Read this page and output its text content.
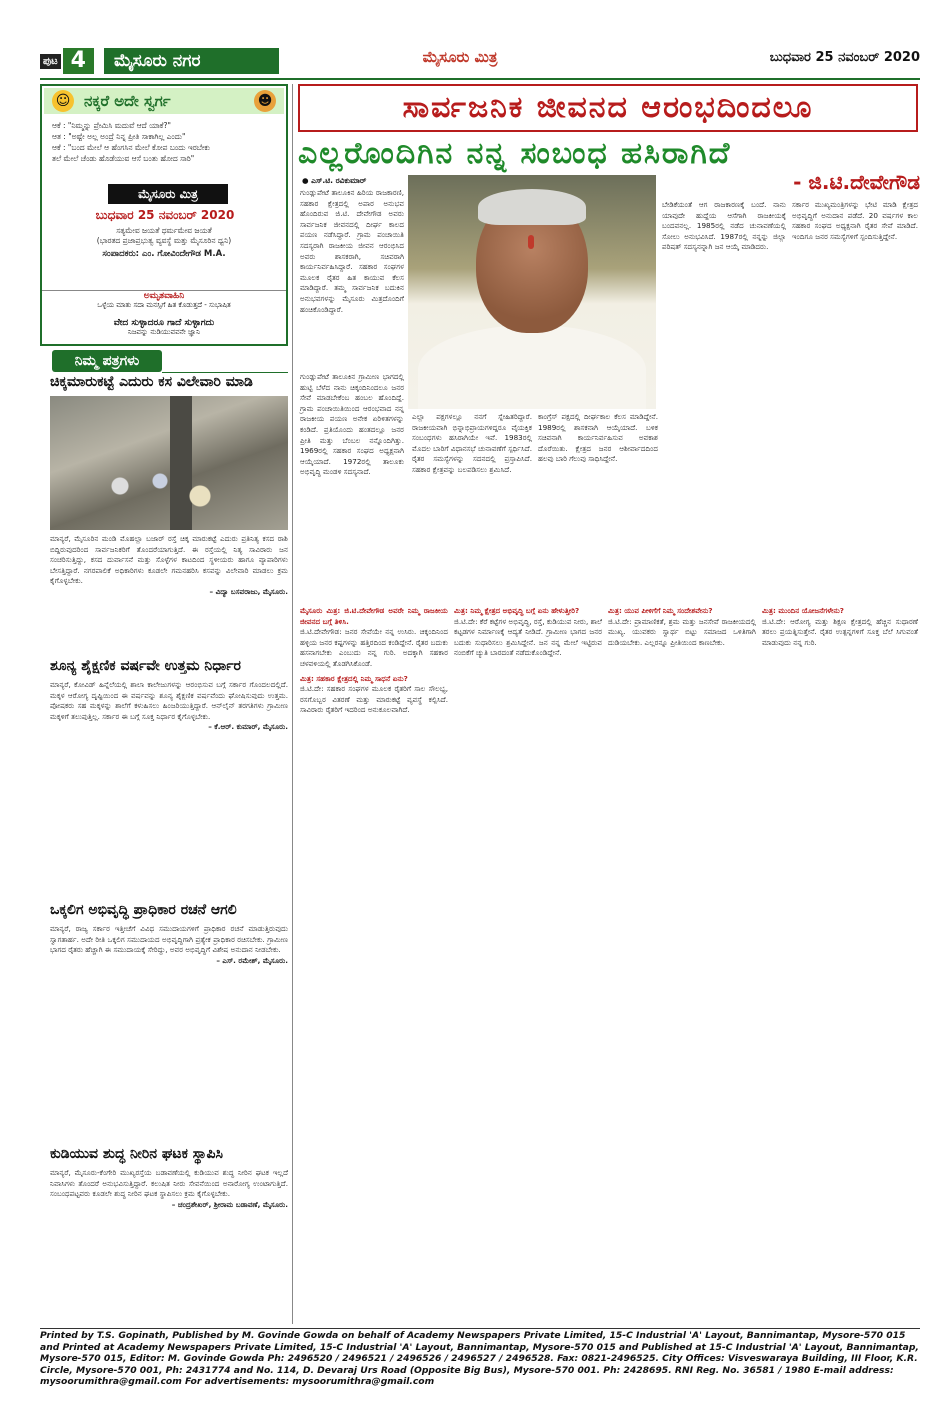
ಪುಟ 4	ಮೈಸೂರು ನಗರ	ಮೈಸೂರು ಮಿತ್ರ	ಬುಧವಾರ 25 ನವಂಬರ್ 2020
☺ ನಕ್ಕರೆ ಅದೇ ಸ್ವರ್ಗ	☻
ಆಕೆ : "ನಿಮ್ಮನ್ನು ಪ್ರೇಮಿಸಿ ಮದುವೆ ಆದೆ ಯಾಕೆ?"
ಆತ : "ಅಷ್ಟೇ ಅಲ್ಲ ಅಂದ್ರೆ ನಿನ್ನ ಪ್ರೀತಿ ಸಾಕಾಗಿಲ್ಲ ಎಂದು"
ಆಕೆ : "ಬಂದ ಮೇಲೆ ಆ ಹೆಂಗಸಿನ ಮೇಲೆ ಕೋಪ ಬಂದು ಇರಬೇಕು
ತಲೆ ಮೇಲೆ ಚೆಂಡು ಹೊಡೆಯುವ ಆಸೆ ಬಂತು ಹೋದ ಸಾರಿ"
ಮೈಸೂರು ಮಿತ್ರ
ಬುಧವಾರ 25 ನವಂಬರ್ 2020
ಸತ್ಯಮೇವ ಜಯತೆ ಧರ್ಮಮೇವ ಜಯತೆ
(ಭಾರತದ ಪ್ರಜಾಪ್ರಭುತ್ವ ವ್ಯವಸ್ಥೆ ಮತ್ತು ಮೈಸೂರಿನ ಧ್ವನಿ)
ಸಂಪಾದಕರು: ಎಂ. ಗೋವಿಂದೇಗೌಡ M.A.
ಅಮೃತವಾಹಿನಿ
ಒಳ್ಳೆಯ ಮಾತು ಸದಾ ಮನಸ್ಸಿಗೆ ಹಿತ ಕೊಡುತ್ತದೆ - ಸುಭಾಷಿತ
ವೇದ ಸುಳ್ಳಾದರೂ ಗಾದೆ ಸುಳ್ಳಾಗದು
ನಿಜವನ್ನು ನುಡಿಯುವವನೇ ಜ್ಞಾನಿ
ನಿಮ್ಮ ಪತ್ರಗಳು
ಚಿಕ್ಕಮಾರುಕಟ್ಟೆ ಎದುರು ಕಸ ವಿಲೇವಾರಿ ಮಾಡಿ
ಮಾನ್ಯರೆ, ಮೈಸೂರಿನ ಮಂಡಿ ಮೊಹಲ್ಲಾ ಬಜಾರ್ ರಸ್ತೆ ಚಿಕ್ಕ ಮಾರುಕಟ್ಟೆ ಎದುರು ಪ್ರತಿನಿತ್ಯ ಕಸದ ರಾಶಿ ಬಿದ್ದಿರುವುದರಿಂದ ಸಾರ್ವಜನಿಕರಿಗೆ ತೊಂದರೆಯಾಗುತ್ತಿದೆ. ಈ ರಸ್ತೆಯಲ್ಲಿ ನಿತ್ಯ ಸಾವಿರಾರು ಜನ ಸಂಚರಿಸುತ್ತಿದ್ದು, ಕಸದ ದುರ್ವಾಸನೆ ಮತ್ತು ಸೊಳ್ಳೆಗಳ ಕಾಟದಿಂದ ಸ್ಥಳೀಯರು ಹಾಗೂ ವ್ಯಾಪಾರಿಗಳು ಬೇಸತ್ತಿದ್ದಾರೆ. ನಗರಪಾಲಿಕೆ ಅಧಿಕಾರಿಗಳು ಕೂಡಲೇ ಗಮನಹರಿಸಿ ಕಸವನ್ನು ವಿಲೇವಾರಿ ಮಾಡಲು ಕ್ರಮ ಕೈಗೊಳ್ಳಬೇಕು.
– ವಿದ್ಯಾ ಬಸವರಾಜು, ಮೈಸೂರು.
ಶೂನ್ಯ ಶೈಕ್ಷಣಿಕ ವರ್ಷವೇ ಉತ್ತಮ ನಿರ್ಧಾರ
ಮಾನ್ಯರೆ, ಕೋವಿಡ್ ಹಿನ್ನೆಲೆಯಲ್ಲಿ ಶಾಲಾ ಕಾಲೇಜುಗಳನ್ನು ಆರಂಭಿಸುವ ಬಗ್ಗೆ ಸರ್ಕಾರ ಗೊಂದಲದಲ್ಲಿದೆ. ಮಕ್ಕಳ ಆರೋಗ್ಯ ದೃಷ್ಟಿಯಿಂದ ಈ ವರ್ಷವನ್ನು ಶೂನ್ಯ ಶೈಕ್ಷಣಿಕ ವರ್ಷವೆಂದು ಘೋಷಿಸುವುದು ಉತ್ತಮ. ಪೋಷಕರು ಸಹ ಮಕ್ಕಳನ್ನು ಶಾಲೆಗೆ ಕಳುಹಿಸಲು ಹಿಂಜರಿಯುತ್ತಿದ್ದಾರೆ. ಆನ್‌ಲೈನ್ ತರಗತಿಗಳು ಗ್ರಾಮೀಣ ಮಕ್ಕಳಿಗೆ ತಲುಪುತ್ತಿಲ್ಲ. ಸರ್ಕಾರ ಈ ಬಗ್ಗೆ ಸೂಕ್ತ ನಿರ್ಧಾರ ಕೈಗೊಳ್ಳಬೇಕು.
– ಕೆ.ಆರ್. ಕುಮಾರ್, ಮೈಸೂರು.
ಒಕ್ಕಲಿಗ ಅಭಿವೃದ್ಧಿ ಪ್ರಾಧಿಕಾರ ರಚನೆ ಆಗಲಿ
ಮಾನ್ಯರೆ, ರಾಜ್ಯ ಸರ್ಕಾರ ಇತ್ತೀಚೆಗೆ ವಿವಿಧ ಸಮುದಾಯಗಳಿಗೆ ಪ್ರಾಧಿಕಾರ ರಚನೆ ಮಾಡುತ್ತಿರುವುದು ಸ್ವಾಗತಾರ್ಹ. ಅದೇ ರೀತಿ ಒಕ್ಕಲಿಗ ಸಮುದಾಯದ ಅಭಿವೃದ್ಧಿಗಾಗಿ ಪ್ರತ್ಯೇಕ ಪ್ರಾಧಿಕಾರ ರಚಿಸಬೇಕು. ಗ್ರಾಮೀಣ ಭಾಗದ ರೈತರು ಹೆಚ್ಚಾಗಿ ಈ ಸಮುದಾಯಕ್ಕೆ ಸೇರಿದ್ದು, ಅವರ ಅಭಿವೃದ್ಧಿಗೆ ವಿಶೇಷ ಅನುದಾನ ನೀಡಬೇಕು.
– ಎಸ್. ರಮೇಶ್, ಮೈಸೂರು.
ಕುಡಿಯುವ ಶುದ್ಧ ನೀರಿನ ಘಟಕ ಸ್ಥಾಪಿಸಿ
ಮಾನ್ಯರೆ, ಮೈಸೂರು-ಕೆಂಗೇರಿ ಮುಖ್ಯರಸ್ತೆಯ ಬಡಾವಣೆಯಲ್ಲಿ ಕುಡಿಯುವ ಶುದ್ಧ ನೀರಿನ ಘಟಕ ಇಲ್ಲದೆ ನಿವಾಸಿಗಳು ತೊಂದರೆ ಅನುಭವಿಸುತ್ತಿದ್ದಾರೆ. ಕಲುಷಿತ ನೀರು ಸೇವನೆಯಿಂದ ಅನಾರೋಗ್ಯ ಉಂಟಾಗುತ್ತಿದೆ. ಸಂಬಂಧಪಟ್ಟವರು ಕೂಡಲೇ ಶುದ್ಧ ನೀರಿನ ಘಟಕ ಸ್ಥಾಪಿಸಲು ಕ್ರಮ ಕೈಗೊಳ್ಳಬೇಕು.
– ಚಂದ್ರಶೇಖರ್, ಶ್ರೀರಾಮ ಬಡಾವಣೆ, ಮೈಸೂರು.
ಸಾರ್ವಜನಿಕ ಜೀವನದ ಆರಂಭದಿಂದಲೂ
ಎಲ್ಲರೊಂದಿಗಿನ ನನ್ನ ಸಂಬಂಧ ಹಸಿರಾಗಿದೆ
- ಜಿ.ಟಿ.ದೇವೇಗೌಡ
● ಎಸ್.ಟಿ. ರವಿಕುಮಾರ್
ಗುಂಡ್ಲುಪೇಟೆ ತಾಲೂಕಿನ ಹಿರಿಯ ರಾಜಕಾರಣಿ, ಸಹಕಾರ ಕ್ಷೇತ್ರದಲ್ಲಿ ಅಪಾರ ಅನುಭವ ಹೊಂದಿರುವ ಜಿ.ಟಿ. ದೇವೇಗೌಡ ಅವರು ಸಾರ್ವಜನಿಕ ಜೀವನದಲ್ಲಿ ದೀರ್ಘ ಕಾಲದ ಪಯಣ ನಡೆಸಿದ್ದಾರೆ. ಗ್ರಾಮ ಪಂಚಾಯಿತಿ ಸದಸ್ಯರಾಗಿ ರಾಜಕೀಯ ಜೀವನ ಆರಂಭಿಸಿದ ಅವರು ಶಾಸಕರಾಗಿ, ಸಚಿವರಾಗಿ ಕಾರ್ಯನಿರ್ವಹಿಸಿದ್ದಾರೆ. ಸಹಕಾರ ಸಂಘಗಳ ಮೂಲಕ ರೈತರ ಹಿತ ಕಾಯುವ ಕೆಲಸ ಮಾಡಿದ್ದಾರೆ. ತಮ್ಮ ಸಾರ್ವಜನಿಕ ಬದುಕಿನ ಅನುಭವಗಳನ್ನು ಮೈಸೂರು ಮಿತ್ರದೊಂದಿಗೆ ಹಂಚಿಕೊಂಡಿದ್ದಾರೆ.
ಗುಂಡ್ಲುಪೇಟೆ ತಾಲೂಕಿನ ಗ್ರಾಮೀಣ ಭಾಗದಲ್ಲಿ ಹುಟ್ಟಿ ಬೆಳೆದ ನಾನು ಚಿಕ್ಕಂದಿನಿಂದಲೂ ಜನರ ಸೇವೆ ಮಾಡಬೇಕೆಂಬ ಹಂಬಲ ಹೊಂದಿದ್ದೆ. ಗ್ರಾಮ ಪಂಚಾಯಿತಿಯಿಂದ ಆರಂಭವಾದ ನನ್ನ ರಾಜಕೀಯ ಪಯಣ ಅನೇಕ ಏರಿಳಿತಗಳನ್ನು ಕಂಡಿದೆ. ಪ್ರತಿಯೊಂದು ಹಂತದಲ್ಲೂ ಜನರ ಪ್ರೀತಿ ಮತ್ತು ಬೆಂಬಲ ನನ್ನೊಂದಿಗಿತ್ತು. 1969ರಲ್ಲಿ ಸಹಕಾರ ಸಂಘದ ಅಧ್ಯಕ್ಷನಾಗಿ ಆಯ್ಕೆಯಾದೆ. 1972ರಲ್ಲಿ ತಾಲೂಕು ಅಭಿವೃದ್ಧಿ ಮಂಡಳಿ ಸದಸ್ಯನಾದೆ.
ಎಲ್ಲಾ ಪಕ್ಷಗಳಲ್ಲೂ ನನಗೆ ಸ್ನೇಹಿತರಿದ್ದಾರೆ. ರಾಜಕೀಯವಾಗಿ ಭಿನ್ನಾಭಿಪ್ರಾಯಗಳಿದ್ದರೂ ವೈಯಕ್ತಿಕ ಸಂಬಂಧಗಳು ಹಸಿರಾಗಿಯೇ ಇವೆ. 1983ರಲ್ಲಿ ಮೊದಲ ಬಾರಿಗೆ ವಿಧಾನಸಭೆ ಚುನಾವಣೆಗೆ ಸ್ಪರ್ಧಿಸಿದೆ. ರೈತರ ಸಮಸ್ಯೆಗಳನ್ನು ಸದನದಲ್ಲಿ ಪ್ರಸ್ತಾಪಿಸಿದೆ. ಸಹಕಾರ ಕ್ಷೇತ್ರವನ್ನು ಬಲಪಡಿಸಲು ಶ್ರಮಿಸಿದೆ.
ಕಾಂಗ್ರೆಸ್ ಪಕ್ಷದಲ್ಲಿ ದೀರ್ಘಕಾಲ ಕೆಲಸ ಮಾಡಿದ್ದೇನೆ. 1989ರಲ್ಲಿ ಶಾಸಕನಾಗಿ ಆಯ್ಕೆಯಾದೆ. ಬಳಿಕ ಸಚಿವನಾಗಿ ಕಾರ್ಯನಿರ್ವಹಿಸುವ ಅವಕಾಶ ದೊರೆಯಿತು. ಕ್ಷೇತ್ರದ ಜನರ ಆಶೀರ್ವಾದದಿಂದ ಹಲವು ಬಾರಿ ಗೆಲುವು ಸಾಧಿಸಿದ್ದೇನೆ.
ಬೇಡಿಕೆಯಂತೆ ಆಗ ರಾಜಕಾರಣಕ್ಕೆ ಬಂದೆ. ನಾನು ಯಾವುದೇ ಹುದ್ದೆಯ ಆಸೆಗಾಗಿ ರಾಜಕೀಯಕ್ಕೆ ಬಂದವನಲ್ಲ. 1985ರಲ್ಲಿ ನಡೆದ ಚುನಾವಣೆಯಲ್ಲಿ ಸೋಲು ಅನುಭವಿಸಿದೆ. 1987ರಲ್ಲಿ ನನ್ನನ್ನು ಜಿಲ್ಲಾ ಪರಿಷತ್ ಸದಸ್ಯನನ್ನಾಗಿ ಜನ ಆಯ್ಕೆ ಮಾಡಿದರು.
ಸರ್ಕಾರ ಮುಖ್ಯಮಂತ್ರಿಗಳನ್ನು ಭೇಟಿ ಮಾಡಿ ಕ್ಷೇತ್ರದ ಅಭಿವೃದ್ಧಿಗೆ ಅನುದಾನ ಪಡೆದೆ. 20 ವರ್ಷಗಳ ಕಾಲ ಸಹಕಾರ ಸಂಘದ ಅಧ್ಯಕ್ಷನಾಗಿ ರೈತರ ಸೇವೆ ಮಾಡಿದೆ. ಇಂದಿಗೂ ಜನರ ಸಮಸ್ಯೆಗಳಿಗೆ ಸ್ಪಂದಿಸುತ್ತಿದ್ದೇನೆ.
ಮೈಸೂರು ಮಿತ್ರ: ಜಿ.ಟಿ.ದೇವೇಗೌಡ ಅವರೇ ನಿಮ್ಮ ರಾಜಕೀಯ ಜೀವನದ ಬಗ್ಗೆ ತಿಳಿಸಿ.
ಜಿ.ಟಿ.ದೇವೇಗೌಡ: ಜನರ ಸೇವೆಯೇ ನನ್ನ ಉಸಿರು. ಚಿಕ್ಕಂದಿನಿಂದ ಹಳ್ಳಿಯ ಜನರ ಕಷ್ಟಗಳನ್ನು ಹತ್ತಿರದಿಂದ ಕಂಡಿದ್ದೇನೆ. ರೈತರ ಬದುಕು ಹಸನಾಗಬೇಕು ಎಂಬುದು ನನ್ನ ಗುರಿ. ಅದಕ್ಕಾಗಿ ಸಹಕಾರ ಚಳವಳಿಯಲ್ಲಿ ತೊಡಗಿಸಿಕೊಂಡೆ.
ಮಿತ್ರ: ಸಹಕಾರ ಕ್ಷೇತ್ರದಲ್ಲಿ ನಿಮ್ಮ ಸಾಧನೆ ಏನು?
ಜಿ.ಟಿ.ದೇ: ಸಹಕಾರ ಸಂಘಗಳ ಮೂಲಕ ರೈತರಿಗೆ ಸಾಲ ಸೌಲಭ್ಯ, ರಸಗೊಬ್ಬರ ವಿತರಣೆ ಮತ್ತು ಮಾರುಕಟ್ಟೆ ವ್ಯವಸ್ಥೆ ಕಲ್ಪಿಸಿದೆ. ಸಾವಿರಾರು ರೈತರಿಗೆ ಇದರಿಂದ ಅನುಕೂಲವಾಗಿದೆ.
ಮಿತ್ರ: ನಿಮ್ಮ ಕ್ಷೇತ್ರದ ಅಭಿವೃದ್ಧಿ ಬಗ್ಗೆ ಏನು ಹೇಳುತ್ತೀರಿ?
ಜಿ.ಟಿ.ದೇ: ಕೆರೆ ಕಟ್ಟೆಗಳ ಅಭಿವೃದ್ಧಿ, ರಸ್ತೆ, ಕುಡಿಯುವ ನೀರು, ಶಾಲೆ ಕಟ್ಟಡಗಳ ನಿರ್ಮಾಣಕ್ಕೆ ಆದ್ಯತೆ ನೀಡಿದೆ. ಗ್ರಾಮೀಣ ಭಾಗದ ಜನರ ಬದುಕು ಸುಧಾರಿಸಲು ಶ್ರಮಿಸಿದ್ದೇನೆ. ಜನ ನನ್ನ ಮೇಲೆ ಇಟ್ಟಿರುವ ನಂಬಿಕೆಗೆ ಚ್ಯುತಿ ಬಾರದಂತೆ ನಡೆದುಕೊಂಡಿದ್ದೇನೆ.
ಮಿತ್ರ: ಯುವ ಪೀಳಿಗೆಗೆ ನಿಮ್ಮ ಸಂದೇಶವೇನು?
ಜಿ.ಟಿ.ದೇ: ಪ್ರಾಮಾಣಿಕತೆ, ಶ್ರಮ ಮತ್ತು ಜನಸೇವೆ ರಾಜಕೀಯದಲ್ಲಿ ಮುಖ್ಯ. ಯುವಕರು ಸ್ವಾರ್ಥ ಬಿಟ್ಟು ಸಮಾಜದ ಒಳಿತಿಗಾಗಿ ದುಡಿಯಬೇಕು. ಎಲ್ಲರನ್ನೂ ಪ್ರೀತಿಯಿಂದ ಕಾಣಬೇಕು.
ಮಿತ್ರ: ಮುಂದಿನ ಯೋಜನೆಗಳೇನು?
ಜಿ.ಟಿ.ದೇ: ಆರೋಗ್ಯ ಮತ್ತು ಶಿಕ್ಷಣ ಕ್ಷೇತ್ರದಲ್ಲಿ ಹೆಚ್ಚಿನ ಸುಧಾರಣೆ ತರಲು ಪ್ರಯತ್ನಿಸುತ್ತೇನೆ. ರೈತರ ಉತ್ಪನ್ನಗಳಿಗೆ ಸೂಕ್ತ ಬೆಲೆ ಸಿಗುವಂತೆ ಮಾಡುವುದು ನನ್ನ ಗುರಿ.
Printed by T.S. Gopinath, Published by M. Govinde Gowda on behalf of Academy Newspapers Private Limited, 15-C Industrial 'A' Layout, Bannimantap, Mysore-570 015 and Printed at Academy Newspapers Private Limited, 15-C Industrial 'A' Layout, Bannimantap, Mysore-570 015 and Published at 15-C Industrial 'A' Layout, Bannimantap, Mysore-570 015, Editor: M. Govinde Gowda Ph: 2496520 / 2496521 / 2496526 / 2496527 / 2496528. Fax: 0821-2496525. City Offices: Visveswaraya Building, III Floor, K.R. Circle, Mysore-570 001, Ph: 2431774 and No. 114, D. Devaraj Urs Road (Opposite Big Bus), Mysore-570 001. Ph: 2428695. RNI Reg. No. 36581 / 1980 E-mail address: mysoorumithra@gmail.com For advertisements: mysoorumithra@gmail.com
